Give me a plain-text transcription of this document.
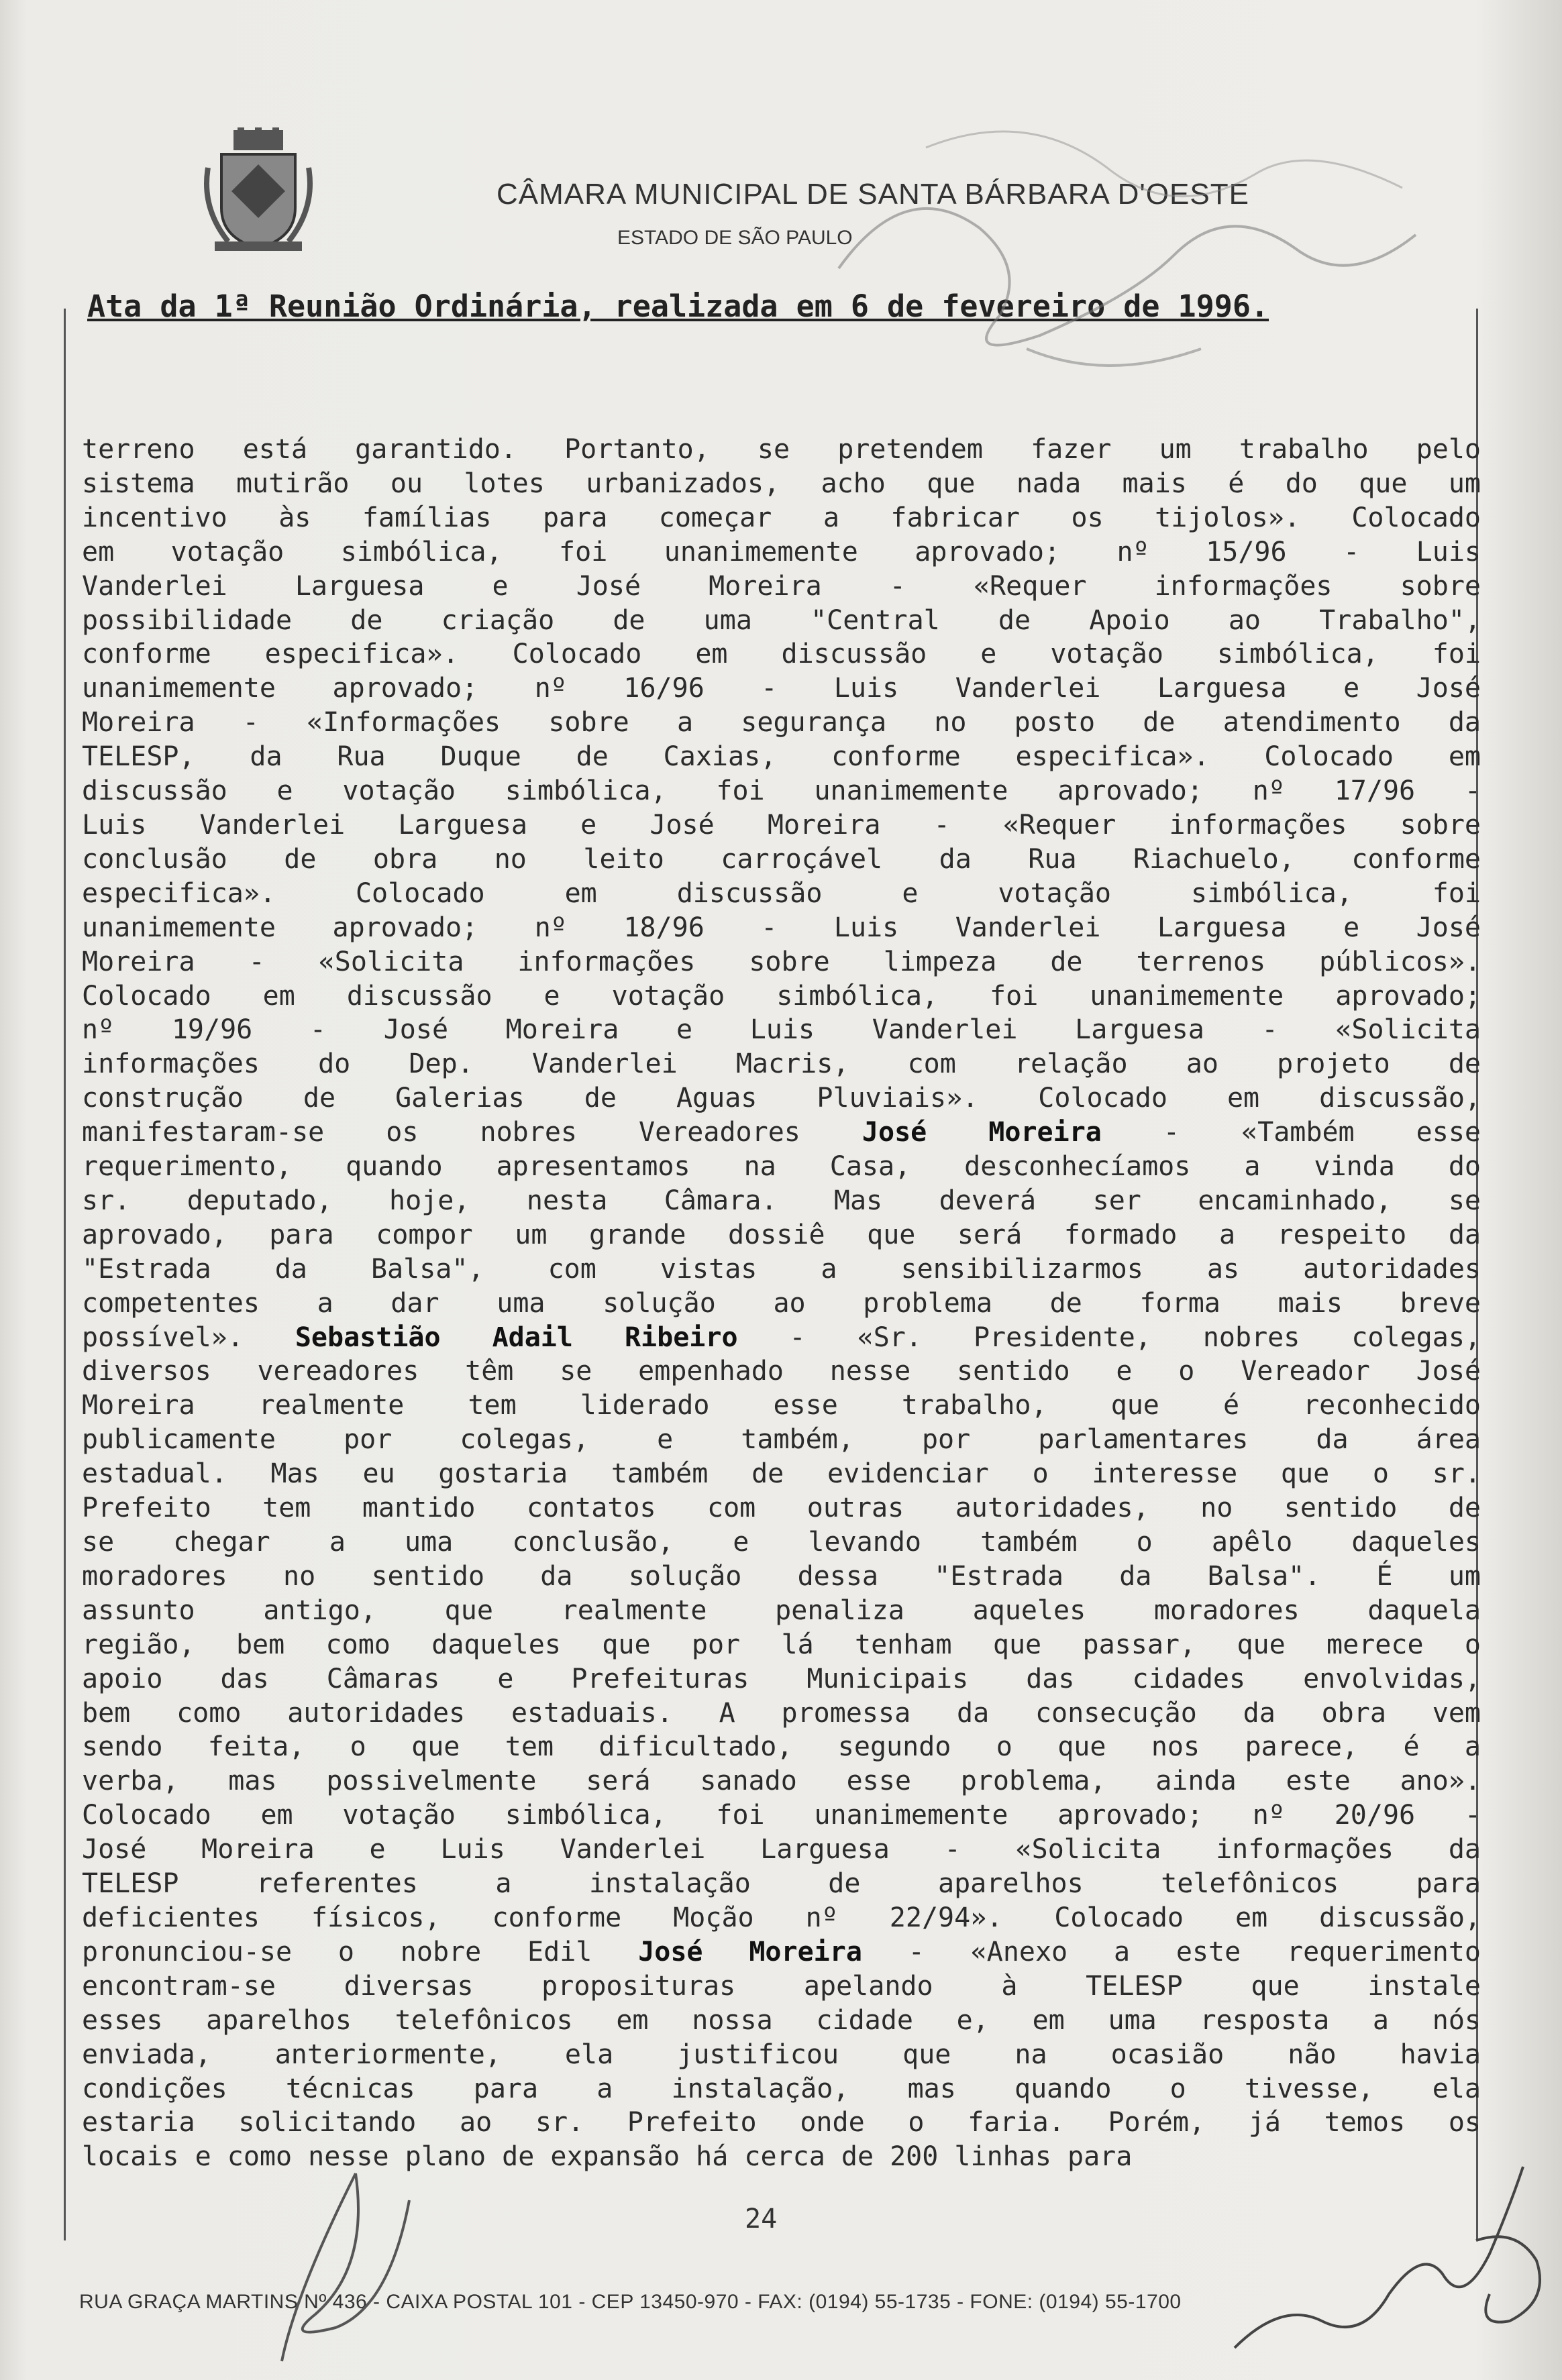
CÂMARA MUNICIPAL DE SANTA BÁRBARA D'OESTE
ESTADO DE SÃO PAULO
Ata da 1ª Reunião Ordinária, realizada em 6 de fevereiro de 1996.
terreno está garantido. Portanto, se pretendem fazer um trabalho pelo
sistema mutirão ou lotes urbanizados, acho que nada mais é do que um
incentivo às famílias para começar a fabricar os tijolos». Colocado
em votação simbólica, foi unanimemente aprovado; nº 15/96 - Luis
Vanderlei Larguesa e José Moreira - «Requer informações sobre
possibilidade de criação de uma "Central de Apoio ao Trabalho",
conforme especifica». Colocado em discussão e votação simbólica, foi
unanimemente aprovado; nº 16/96 - Luis Vanderlei Larguesa e José
Moreira - «Informações sobre a segurança no posto de atendimento da
TELESP, da Rua Duque de Caxias, conforme especifica». Colocado em
discussão e votação simbólica, foi unanimemente aprovado; nº 17/96 -
Luis Vanderlei Larguesa e José Moreira - «Requer informações sobre
conclusão de obra no leito carroçável da Rua Riachuelo, conforme
especifica». Colocado em discussão e votação simbólica, foi
unanimemente aprovado; nº 18/96 - Luis Vanderlei Larguesa e José
Moreira - «Solicita informações sobre limpeza de terrenos públicos».
Colocado em discussão e votação simbólica, foi unanimemente aprovado;
nº 19/96 - José Moreira e Luis Vanderlei Larguesa - «Solicita
informações do Dep. Vanderlei Macris, com relação ao projeto de
construção de Galerias de Aguas Pluviais». Colocado em discussão,
manifestaram-se os nobres Vereadores José Moreira - «Também esse
requerimento, quando apresentamos na Casa, desconhecíamos a vinda do
sr. deputado, hoje, nesta Câmara. Mas deverá ser encaminhado, se
aprovado, para compor um grande dossiê que será formado a respeito da
"Estrada da Balsa", com vistas a sensibilizarmos as autoridades
competentes a dar uma solução ao problema de forma mais breve
possível». Sebastião Adail Ribeiro - «Sr. Presidente, nobres colegas,
diversos vereadores têm se empenhado nesse sentido e o Vereador José
Moreira realmente tem liderado esse trabalho, que é reconhecido
publicamente por colegas, e também, por parlamentares da área
estadual. Mas eu gostaria também de evidenciar o interesse que o sr.
Prefeito tem mantido contatos com outras autoridades, no sentido de
se chegar a uma conclusão, e levando também o apêlo daqueles
moradores no sentido da solução dessa "Estrada da Balsa". É um
assunto antigo, que realmente penaliza aqueles moradores daquela
região, bem como daqueles que por lá tenham que passar, que merece o
apoio das Câmaras e Prefeituras Municipais das cidades envolvidas,
bem como autoridades estaduais. A promessa da consecução da obra vem
sendo feita, o que tem dificultado, segundo o que nos parece, é a
verba, mas possivelmente será sanado esse problema, ainda este ano».
Colocado em votação simbólica, foi unanimemente aprovado; nº 20/96 -
José Moreira e Luis Vanderlei Larguesa - «Solicita informações da
TELESP referentes a instalação de aparelhos telefônicos para
deficientes físicos, conforme Moção nº 22/94». Colocado em discussão,
pronunciou-se o nobre Edil José Moreira - «Anexo a este requerimento
encontram-se diversas proposituras apelando à TELESP que instale
esses aparelhos telefônicos em nossa cidade e, em uma resposta a nós
enviada, anteriormente, ela justificou que na ocasião não havia
condições técnicas para a instalação, mas quando o tivesse, ela
estaria solicitando ao sr. Prefeito onde o faria. Porém, já temos os
locais e como nesse plano de expansão há cerca de 200 linhas para
24
RUA GRAÇA MARTINS Nº 436 - CAIXA POSTAL 101 - CEP 13450-970 - FAX: (0194) 55-1735 - FONE: (0194) 55-1700
